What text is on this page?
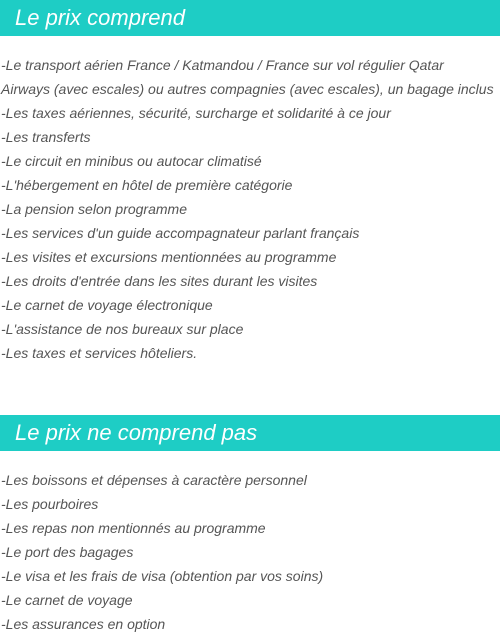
Le prix comprend
-Le transport aérien France / Katmandou / France sur vol régulier Qatar
Airways (avec escales) ou autres compagnies (avec escales), un bagage inclus
-Les taxes aériennes, sécurité, surcharge et solidarité à ce jour
-Les transferts
-Le circuit en minibus ou autocar climatisé
-L'hébergement en hôtel de première catégorie
-La pension selon programme
-Les services d'un guide accompagnateur parlant français
-Les visites et excursions mentionnées au programme
-Les droits d'entrée dans les sites durant les visites
-Le carnet de voyage électronique
-L'assistance de nos bureaux sur place
-Les taxes et services hôteliers.
Le prix ne comprend pas
-Les boissons et dépenses à caractère personnel
-Les pourboires
-Les repas non mentionnés au programme
-Le port des bagages
-Le visa et les frais de visa (obtention par vos soins)
-Le carnet de voyage
-Les assurances en option
